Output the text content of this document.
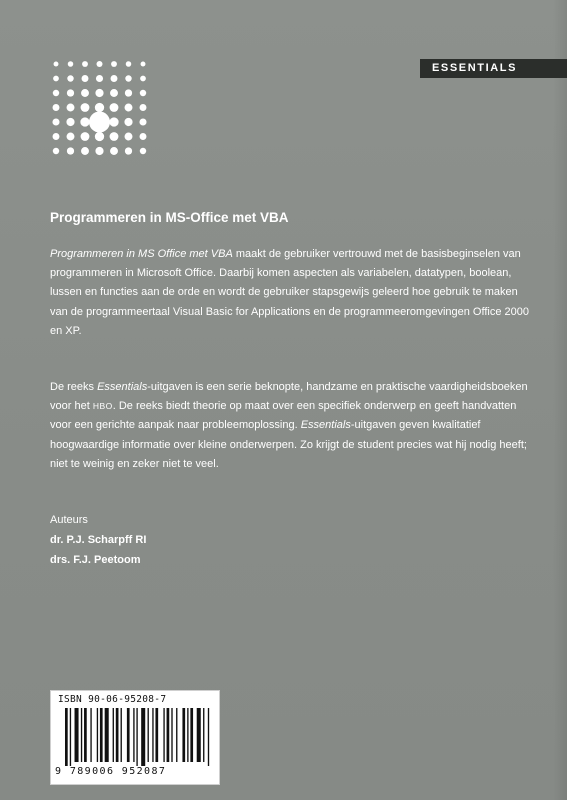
ESSENTIALS
Programmeren in MS-Office met VBA

Programmeren in MS Office met VBA maakt de gebruiker vertrouwd met de basisbeginselen van programmeren in Microsoft Office. Daarbij komen aspecten als variabelen, datatypen, boolean, lussen en functies aan de orde en wordt de gebruiker stapsgewijs geleerd hoe gebruik te maken van de programmeertaal Visual Basic for Applications en de programmeeromgevingen Office 2000 en XP.

De reeks Essentials-uitgaven is een serie beknopte, handzame en praktische vaardigheidsboeken voor het HBO. De reeks biedt theorie op maat over een specifiek onderwerp en geeft handvatten voor een gerichte aanpak naar probleemoplossing. Essentials-uitgaven geven kwalitatief hoogwaardige informatie over kleine onderwerpen. Zo krijgt de student precies wat hij nodig heeft; niet te weinig en zeker niet te veel.

Auteurs
dr. P.J. Scharpff RI
drs. F.J. Peetoom
ISBN 90-06-95208-7
9 789006 952087
